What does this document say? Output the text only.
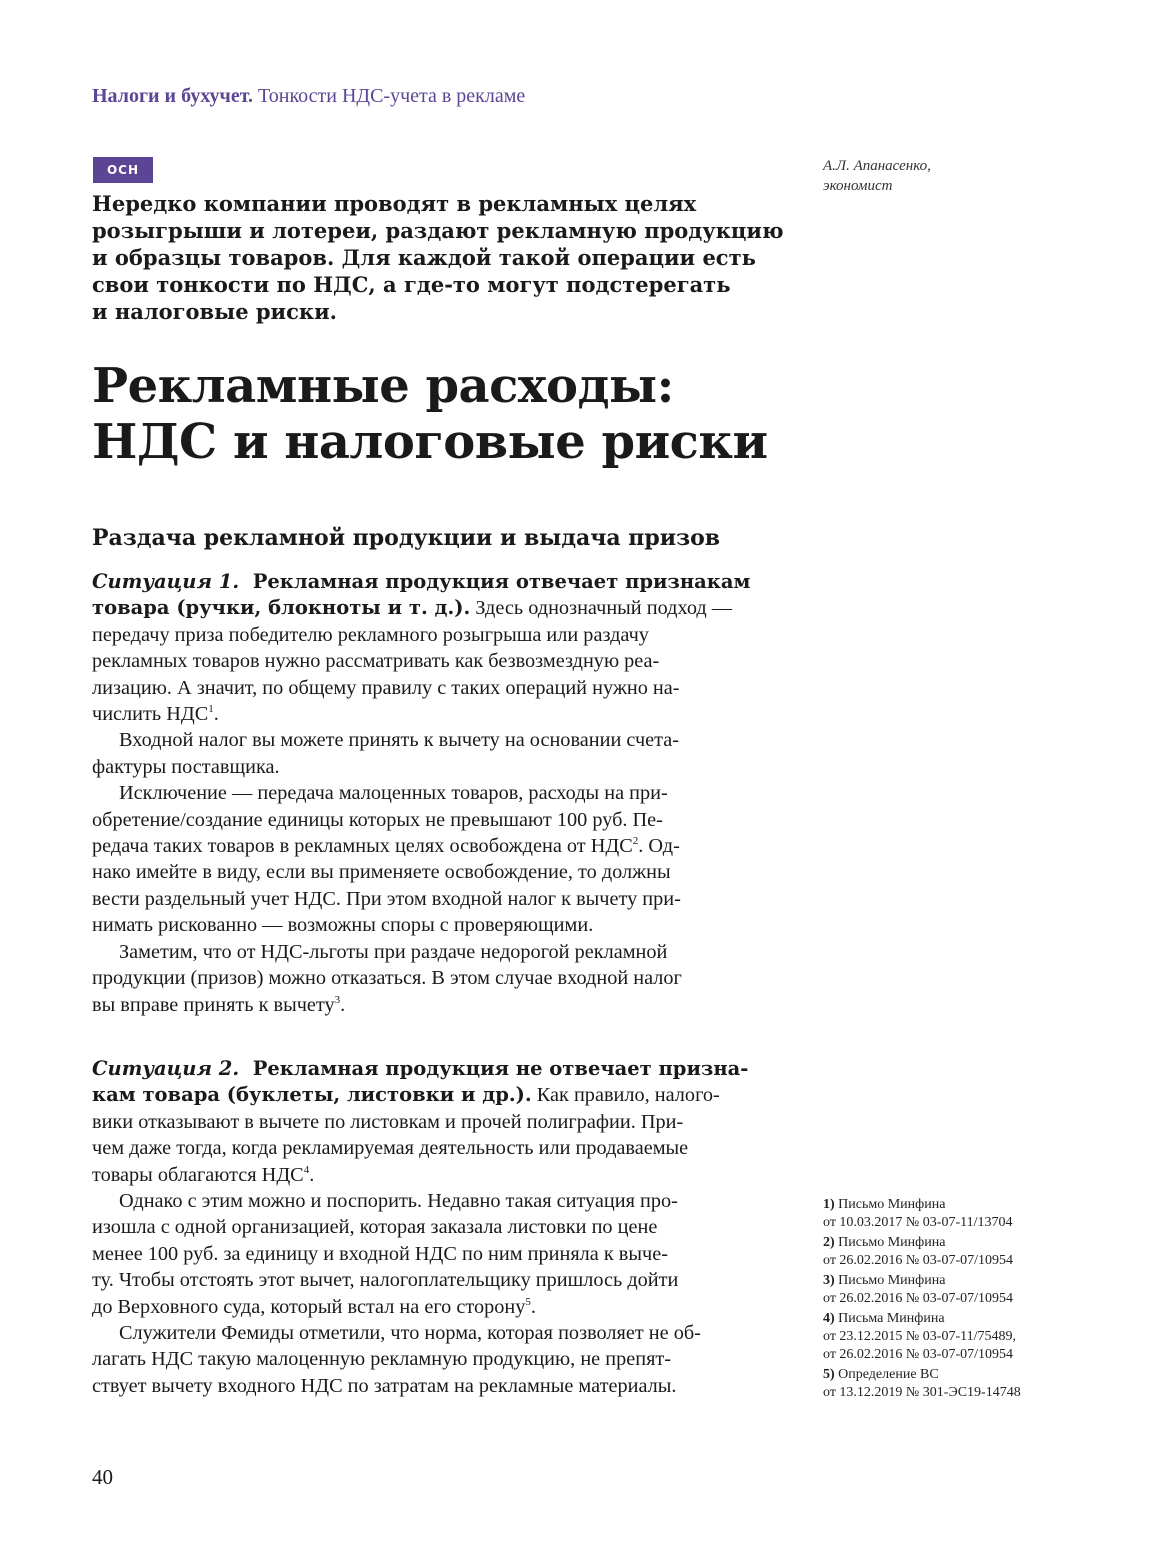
Налоги и бухучет. Тонкости НДС-учета в рекламе
ОСН	А.Л. Апанасенко,
экономист
Нередко компании проводят в рекламных целях
розыгрыши и лотереи, раздают рекламную продукцию
и образцы товаров. Для каждой такой операции есть
свои тонкости по НДС, а где-то могут подстерегать
и налоговые риски.
Рекламные расходы:
НДС и налоговые риски
Раздача рекламной продукции и выдача призов
Ситуация 1. Рекламная продукция отвечает признакам
товара (ручки, блокноты и т. д.). Здесь однозначный подход —
передачу приза победителю рекламного розыгрыша или раздачу
рекламных товаров нужно рассматривать как безвозмездную реа-
лизацию. А значит, по общему правилу с таких операций нужно на-
числить НДС$^1$.
Входной налог вы можете принять к вычету на основании счета-
фактуры поставщика.
Исключение — передача малоценных товаров, расходы на при-
обретение/создание единицы которых не превышают 100 руб. Пе-
редача таких товаров в рекламных целях освобождена от НДС$^2$. Од-
нако имейте в виду, если вы применяете освобождение, то должны
вести раздельный учет НДС. При этом входной налог к вычету при-
нимать рискованно — возможны споры с проверяющими.
Заметим, что от НДС-льготы при раздаче недорогой рекламной
продукции (призов) можно отказаться. В этом случае входной налог
вы вправе принять к вычету$^3$.
Ситуация 2. Рекламная продукция не отвечает призна-
кам товара (буклеты, листовки и др.). Как правило, налого-
вики отказывают в вычете по листовкам и прочей полиграфии. При-
чем даже тогда, когда рекламируемая деятельность или продаваемые
товары облагаются НДС$^4$.
Однако с этим можно и поспорить. Недавно такая ситуация про-
изошла с одной организацией, которая заказала листовки по цене
менее 100 руб. за единицу и входной НДС по ним приняла к выче-
ту. Чтобы отстоять этот вычет, налогоплательщику пришлось дойти
до Верховного суда, который встал на его сторону$^5$.
Служители Фемиды отметили, что норма, которая позволяет не об-
лагать НДС такую малоценную рекламную продукцию, не препят-
ствует вычету входного НДС по затратам на рекламные материалы.
1) Письмо Минфина
от 10.03.2017 № 03-07-11/13704
2) Письмо Минфина
от 26.02.2016 № 03-07-07/10954
3) Письмо Минфина
от 26.02.2016 № 03-07-07/10954
4) Письма Минфина
от 23.12.2015 № 03-07-11/75489,
от 26.02.2016 № 03-07-07/10954
5) Определение ВС
от 13.12.2019 № 301-ЭС19-14748
40
